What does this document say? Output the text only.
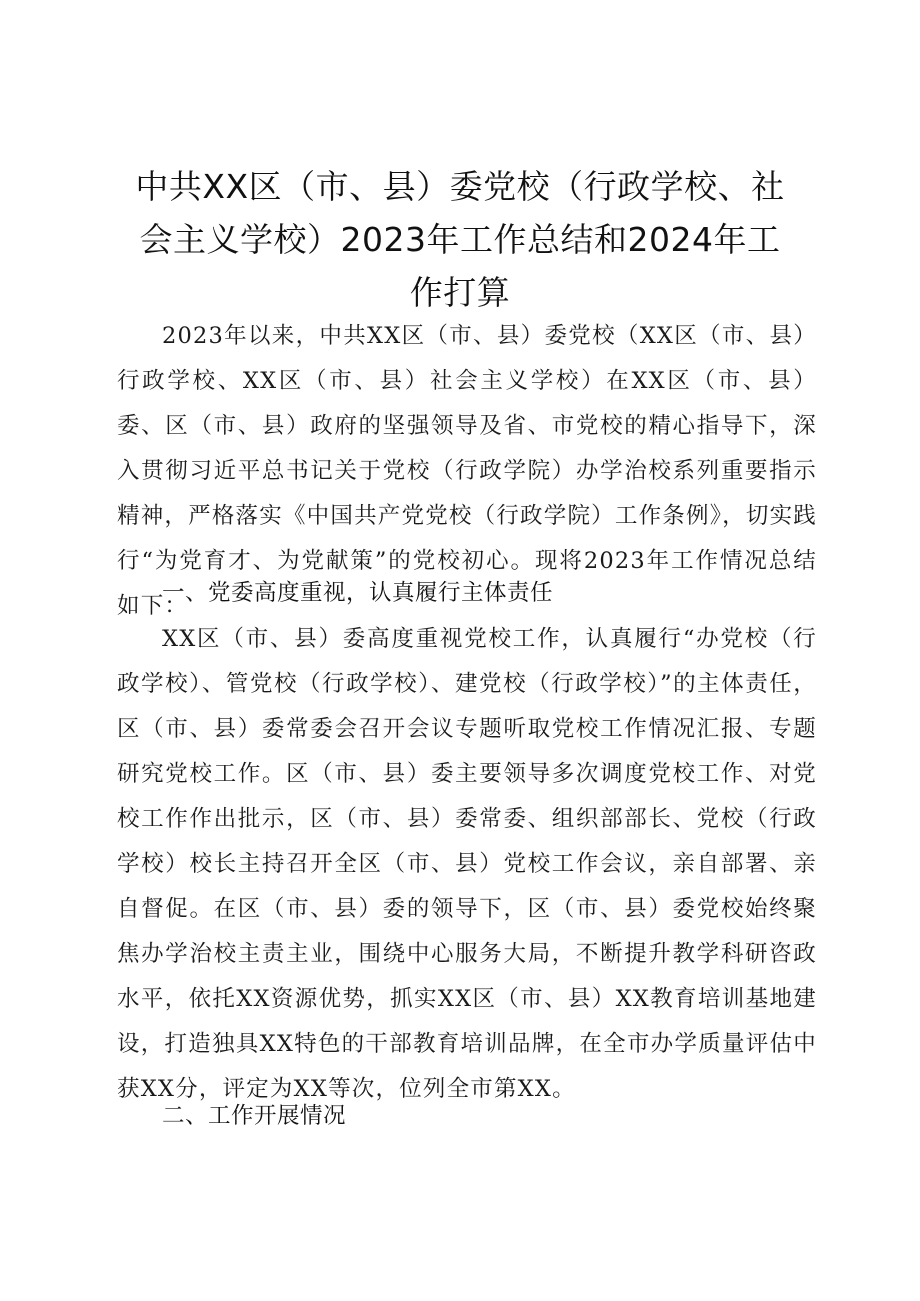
中共XX区（市、县）委党校（行政学校、社
会主义学校）2023年工作总结和2024年工
作打算

2023年以来，中共XX区（市、县）委党校（XX区（市、县）行政学校、XX区（市、县）社会主义学校）在XX区（市、县）委、区（市、县）政府的坚强领导及省、市党校的精心指导下，深入贯彻习近平总书记关于党校（行政学院）办学治校系列重要指示精神，严格落实《中国共产党党校（行政学院）工作条例》，切实践行“为党育才、为党献策”的党校初心。现将2023年工作情况总结如下：

一、党委高度重视，认真履行主体责任

XX区（市、县）委高度重视党校工作，认真履行“办党校（行政学校）、管党校（行政学校）、建党校（行政学校）”的主体责任，区（市、县）委常委会召开会议专题听取党校工作情况汇报、专题研究党校工作。区（市、县）委主要领导多次调度党校工作、对党校工作作出批示，区（市、县）委常委、组织部部长、党校（行政学校）校长主持召开全区（市、县）党校工作会议，亲自部署、亲自督促。在区（市、县）委的领导下，区（市、县）委党校始终聚焦办学治校主责主业，围绕中心服务大局，不断提升教学科研咨政水平，依托XX资源优势，抓实XX区（市、县）XX教育培训基地建设，打造独具XX特色的干部教育培训品牌，在全市办学质量评估中获XX分，评定为XX等次，位列全市第XX。

二、工作开展情况
